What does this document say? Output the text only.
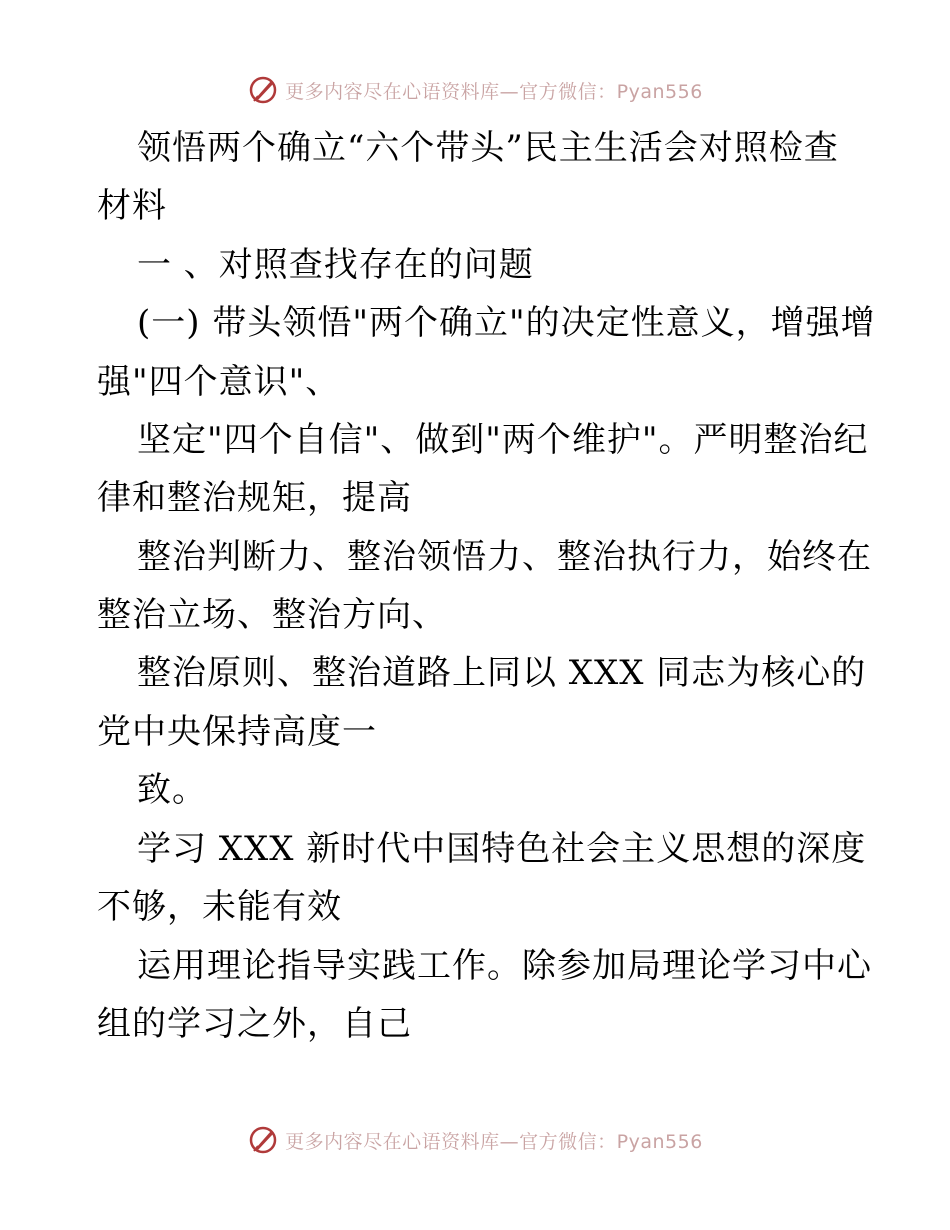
更多内容尽在心语资料库—官方微信：Pyan556
领悟两个确立“六个带头”民主生活会对照检查
材料
一 、对照查找存在的问题
(一) 带头领悟"两个确立"的决定性意义，增强增
强"四个意识"、
坚定"四个自信"、做到"两个维护"。严明整治纪
律和整治规矩，提高
整治判断力、整治领悟力、整治执行力，始终在
整治立场、整治方向、
整治原则、整治道路上同以 XXX 同志为核心的
党中央保持高度一
致。
学习 XXX 新时代中国特色社会主义思想的深度
不够，未能有效
运用理论指导实践工作。除参加局理论学习中心
组的学习之外，自己
更多内容尽在心语资料库—官方微信：Pyan556
